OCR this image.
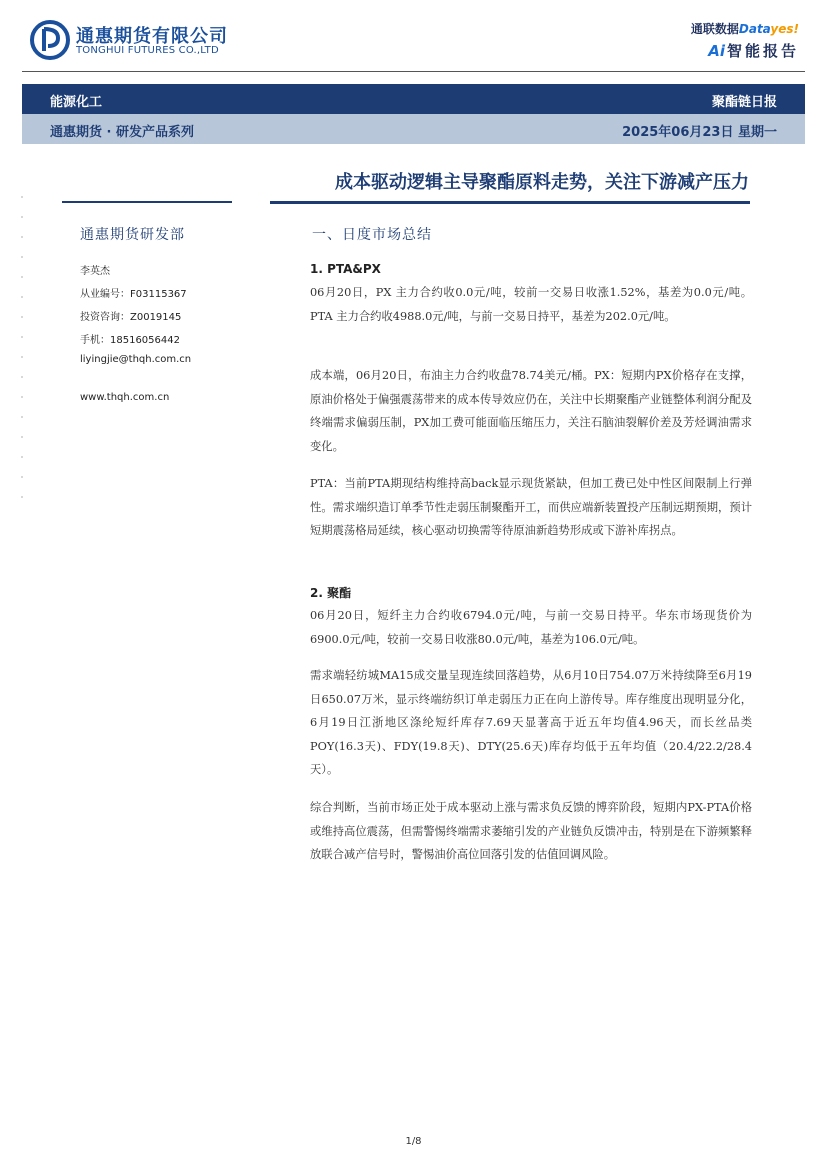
通惠期货有限公司
TONGHUI FUTURES CO.,LTD
通联数据Datayes!
Ai 智能报告
能源化工	聚酯链日报
通惠期货 · 研发产品系列	2025年06月23日 星期一
成本驱动逻辑主导聚酯原料走势，关注下游减产压力
通惠期货研发部
李英杰
从业编号：F03115367
投资咨询：Z0019145
手机：18516056442
liyingjie@thqh.com.cn
www.thqh.com.cn
一、日度市场总结
1. PTA&PX
06月20日，PX 主力合约收0.0元/吨，较前一交易日收涨1.52%，基差为0.0元/吨。PTA 主力合约收4988.0元/吨，与前一交易日持平，基差为202.0元/吨。
成本端，06月20日，布油主力合约收盘78.74美元/桶。PX：短期内PX价格存在支撑，原油价格处于偏强震荡带来的成本传导效应仍在，关注中长期聚酯产业链整体利润分配及终端需求偏弱压制，PX加工费可能面临压缩压力，关注石脑油裂解价差及芳烃调油需求变化。
PTA：当前PTA期现结构维持高back显示现货紧缺，但加工费已处中性区间限制上行弹性。需求端织造订单季节性走弱压制聚酯开工，而供应端新装置投产压制远期预期，预计短期震荡格局延续，核心驱动切换需等待原油新趋势形成或下游补库拐点。
2. 聚酯
06月20日，短纤主力合约收6794.0元/吨，与前一交易日持平。华东市场现货价为6900.0元/吨，较前一交易日收涨80.0元/吨，基差为106.0元/吨。
需求端轻纺城MA15成交量呈现连续回落趋势，从6月10日754.07万米持续降至6月19日650.07万米，显示终端纺织订单走弱压力正在向上游传导。库存维度出现明显分化，6月19日江浙地区涤纶短纤库存7.69天显著高于近五年均值4.96天，而长丝品类POY(16.3天)、FDY(19.8天)、DTY(25.6天)库存均低于五年均值（20.4/22.2/28.4天）。
综合判断，当前市场正处于成本驱动上涨与需求负反馈的博弈阶段，短期内PX-PTA价格或维持高位震荡，但需警惕终端需求萎缩引发的产业链负反馈冲击，特别是在下游频繁释放联合减产信号时，警惕油价高位回落引发的估值回调风险。
1/8
